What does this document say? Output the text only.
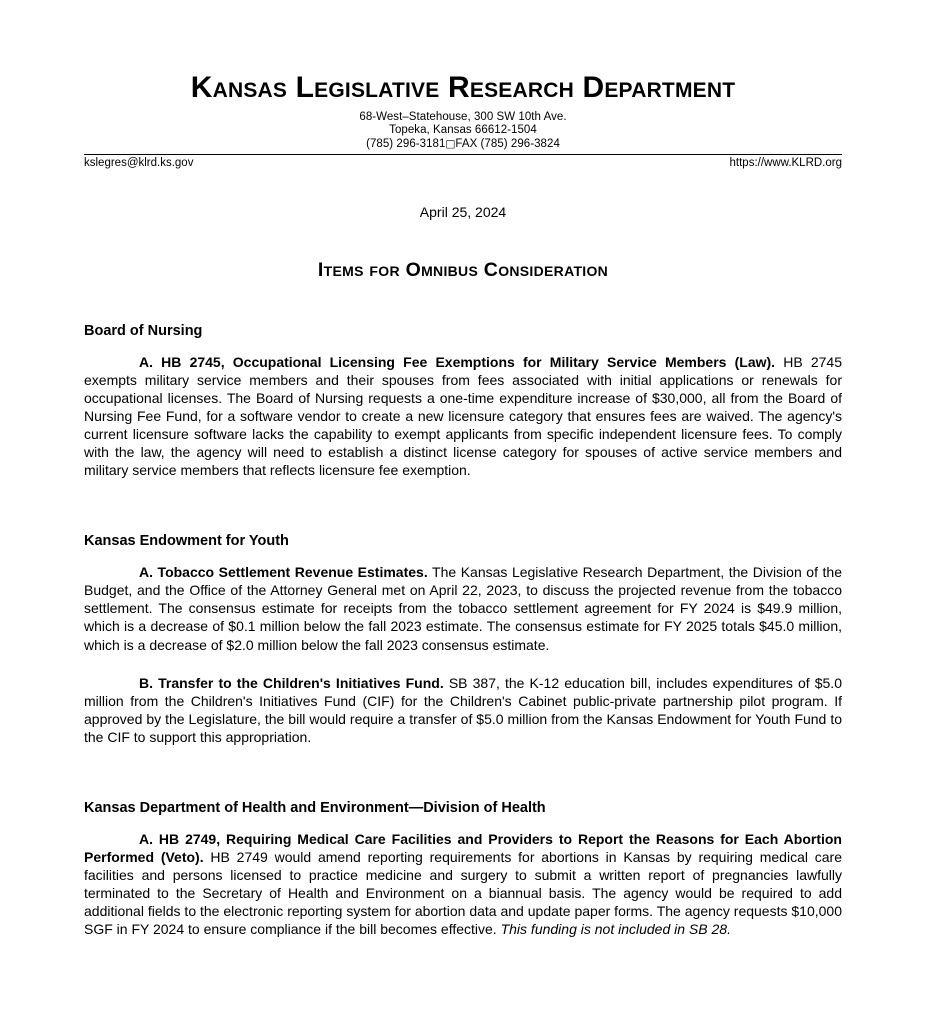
Kansas Legislative Research Department
68-West–Statehouse, 300 SW 10th Ave.
Topeka, Kansas 66612-1504
(785) 296-3181□FAX (785) 296-3824
kslegres@klrd.ks.gov	https://www.KLRD.org
April 25, 2024
Items for Omnibus Consideration
Board of Nursing

A. HB 2745, Occupational Licensing Fee Exemptions for Military Service Members (Law). HB 2745 exempts military service members and their spouses from fees associated with initial applications or renewals for occupational licenses. The Board of Nursing requests a one-time expenditure increase of $30,000, all from the Board of Nursing Fee Fund, for a software vendor to create a new licensure category that ensures fees are waived. The agency's current licensure software lacks the capability to exempt applicants from specific independent licensure fees. To comply with the law, the agency will need to establish a distinct license category for spouses of active service members and military service members that reflects licensure fee exemption.

Kansas Endowment for Youth

A. Tobacco Settlement Revenue Estimates. The Kansas Legislative Research Department, the Division of the Budget, and the Office of the Attorney General met on April 22, 2023, to discuss the projected revenue from the tobacco settlement. The consensus estimate for receipts from the tobacco settlement agreement for FY 2024 is $49.9 million, which is a decrease of $0.1 million below the fall 2023 estimate. The consensus estimate for FY 2025 totals $45.0 million, which is a decrease of $2.0 million below the fall 2023 consensus estimate.

B. Transfer to the Children's Initiatives Fund. SB 387, the K-12 education bill, includes expenditures of $5.0 million from the Children's Initiatives Fund (CIF) for the Children's Cabinet public-private partnership pilot program. If approved by the Legislature, the bill would require a transfer of $5.0 million from the Kansas Endowment for Youth Fund to the CIF to support this appropriation.

Kansas Department of Health and Environment—Division of Health

A. HB 2749, Requiring Medical Care Facilities and Providers to Report the Reasons for Each Abortion Performed (Veto). HB 2749 would amend reporting requirements for abortions in Kansas by requiring medical care facilities and persons licensed to practice medicine and surgery to submit a written report of pregnancies lawfully terminated to the Secretary of Health and Environment on a biannual basis. The agency would be required to add additional fields to the electronic reporting system for abortion data and update paper forms. The agency requests $10,000 SGF in FY 2024 to ensure compliance if the bill becomes effective. This funding is not included in SB 28.
